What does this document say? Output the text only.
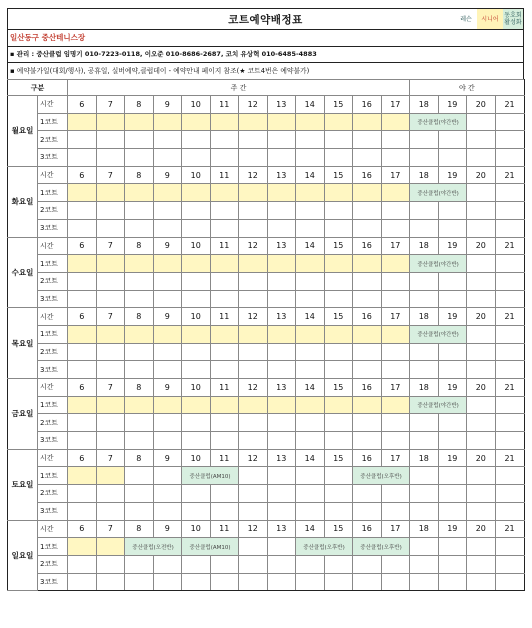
코트예약배정표	레슨	시니어 동호회 활성화
일산동구 중산테니스장
▪ 관리 : 중산클럽 임명기 010-7223-0118, 이오준 010-8686-2687, 코치 유상혁 010-6485-4883
▪ 예약불가일(대회/행사), 공휴일, 실버예약,클럽데이 - 예약안내 페이지 참조(★ 코트4번은 예약불가)
구분		주 간												야 간			
월요일	시간	6	7	8	9	10	11	12	13	14	15	16	17	18	19	20	21
	1코트													중산클럽(야간반)			
	2코트																
	3코트																
화요일	시간	6	7	8	9	10	11	12	13	14	15	16	17	18	19	20	21
	1코트													중산클럽(야간반)			
	2코트																
	3코트																
수요일	시간	6	7	8	9	10	11	12	13	14	15	16	17	18	19	20	21
	1코트													중산클럽(야간반)			
	2코트																
	3코트																
목요일	시간	6	7	8	9	10	11	12	13	14	15	16	17	18	19	20	21
	1코트													중산클럽(야간반)			
	2코트																
	3코트																
금요일	시간	6	7	8	9	10	11	12	13	14	15	16	17	18	19	20	21
	1코트													중산클럽(야간반)			
	2코트																
	3코트																
토요일	시간	6	7	8	9	10	11	12	13	14	15	16	17	18	19	20	21
	1코트					중산클럽(AM10)						중산클럽(오후반)					
	2코트																
	3코트																
일요일	시간	6	7	8	9	10	11	12	13	14	15	16	17	18	19	20	21
	1코트			중산클럽(오전반)		중산클럽(AM10)				중산클럽(오후반)		중산클럽(오후반)					
	2코트																
	3코트																
